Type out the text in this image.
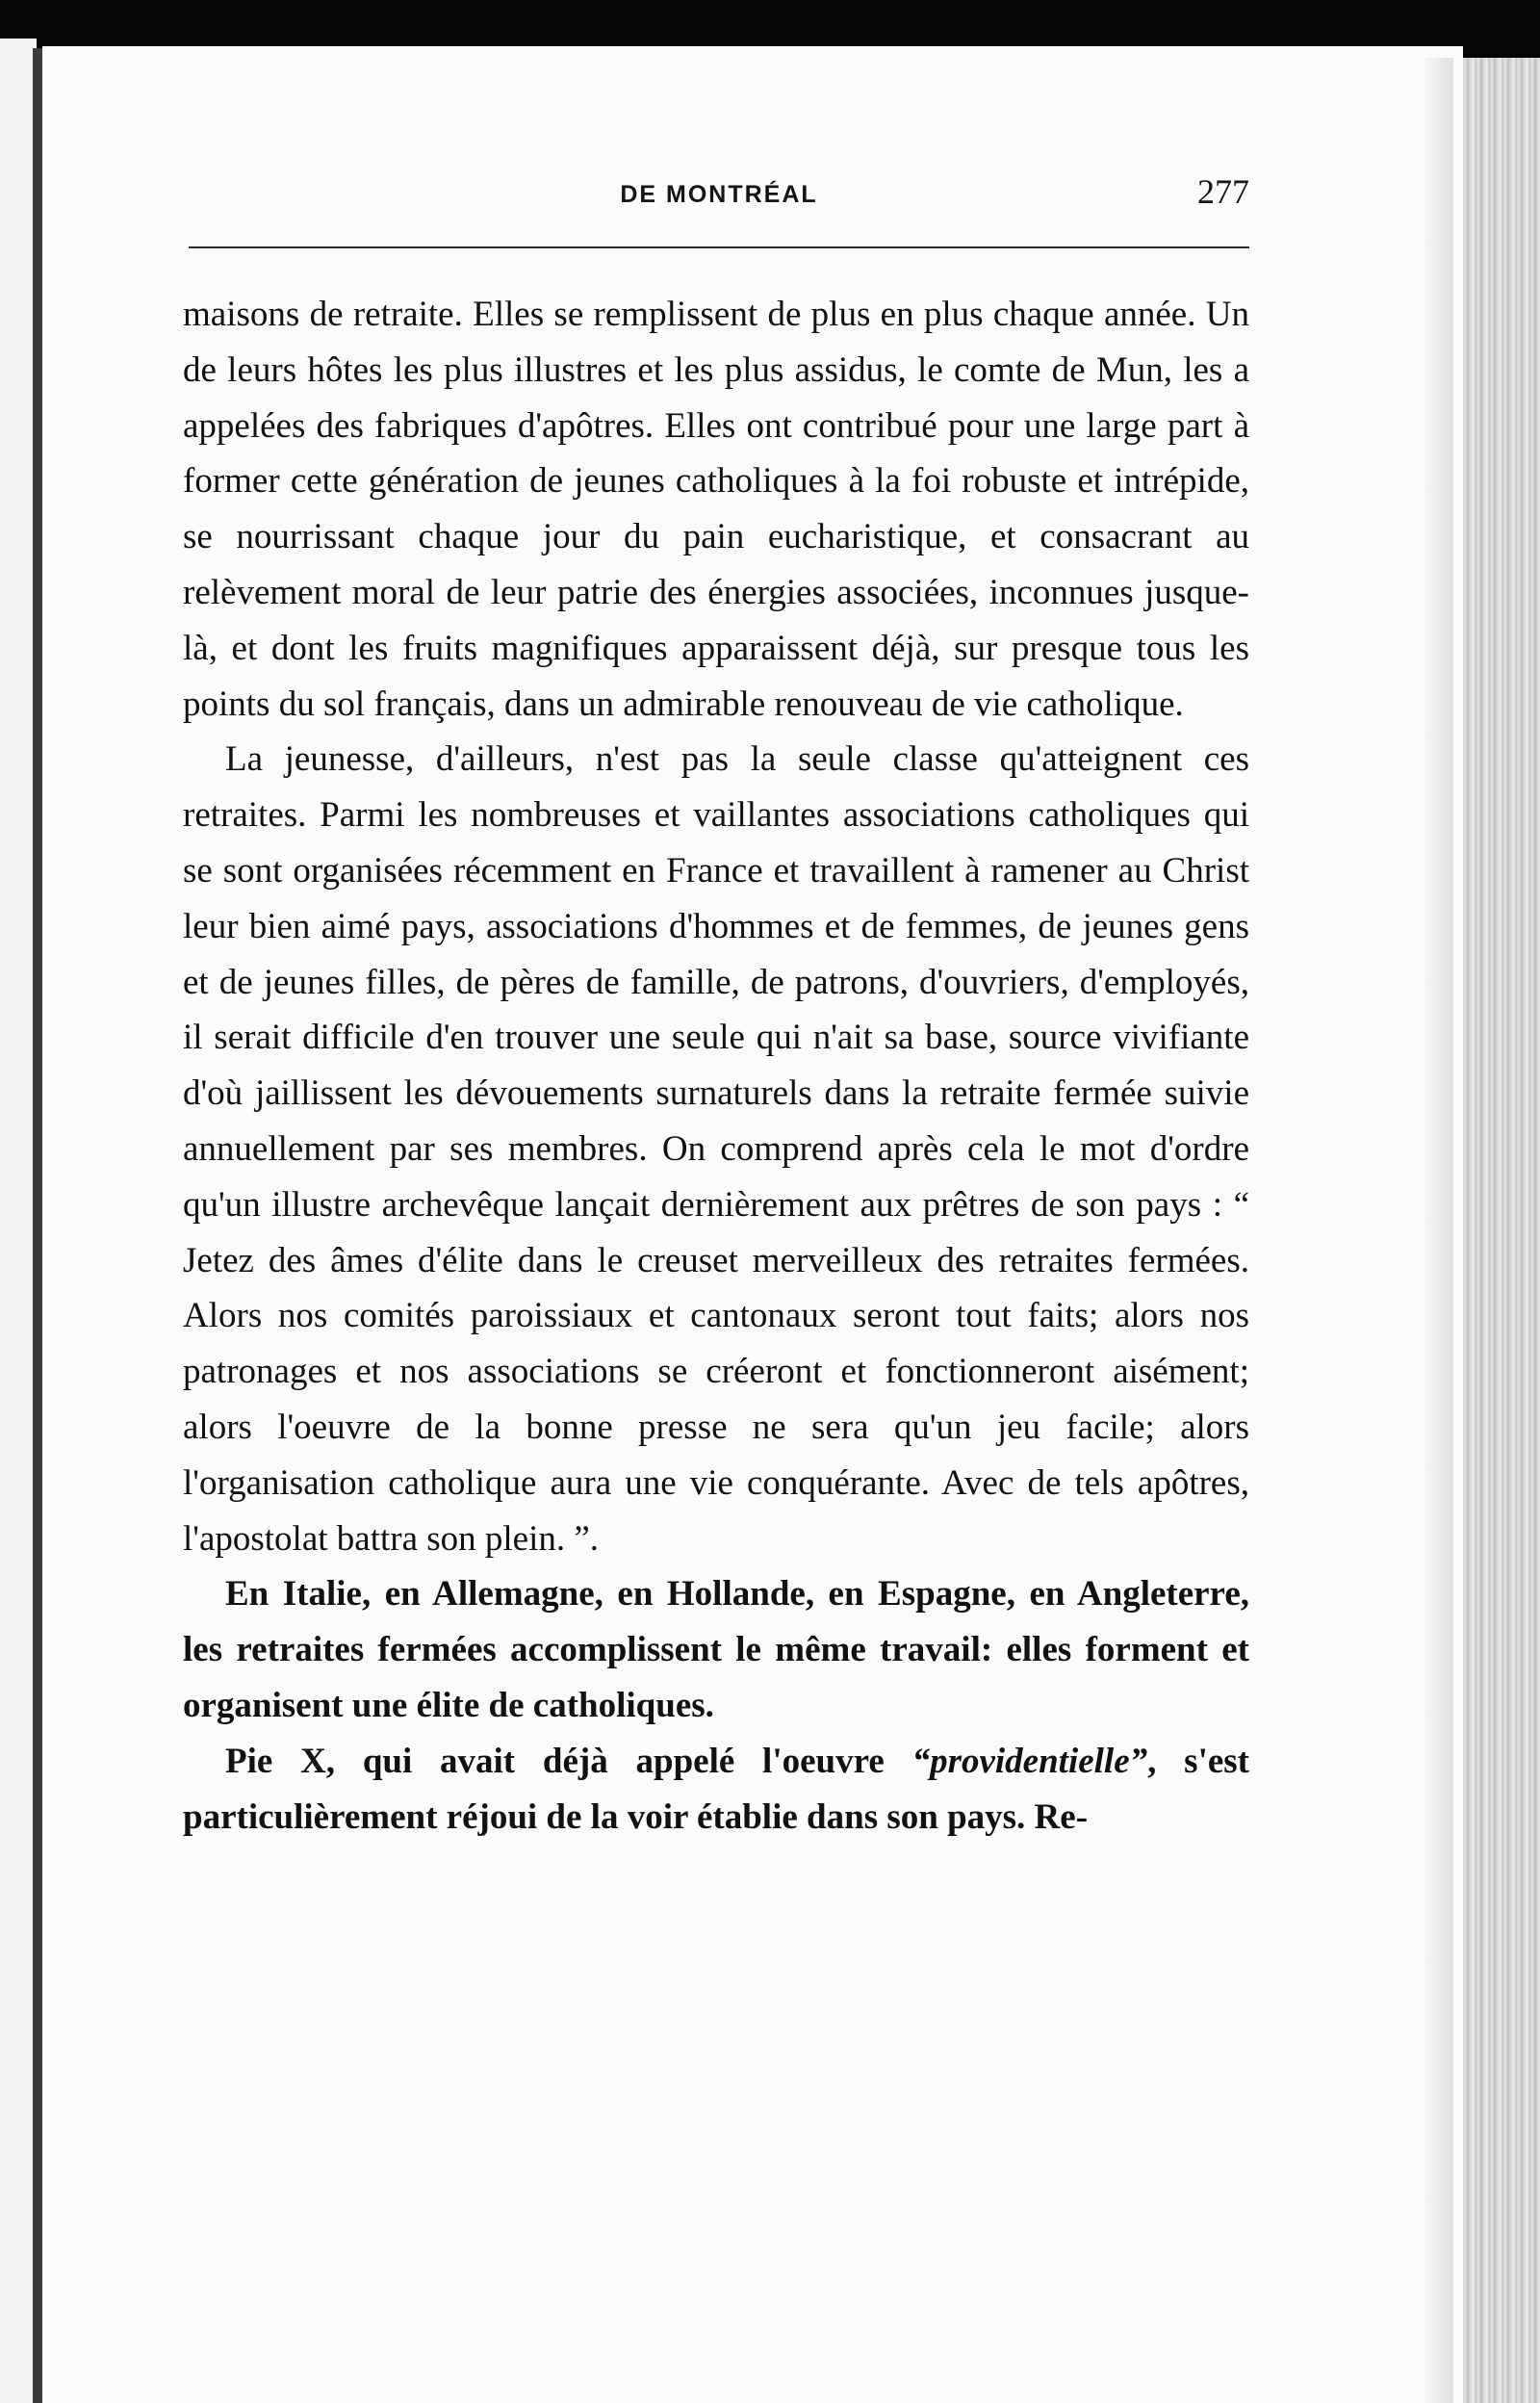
DE MONTRÉAL	277

maisons de retraite. Elles se remplissent de plus en plus chaque année. Un de leurs hôtes les plus illustres et les plus assidus, le comte de Mun, les a appelées des fabriques d'apôtres. Elles ont contribué pour une large part à former cette génération de jeunes catholiques à la foi robuste et intrépide, se nourrissant chaque jour du pain eucharistique, et consacrant au relèvement moral de leur patrie des énergies associées, inconnues jusque-là, et dont les fruits magnifiques apparaissent déjà, sur presque tous les points du sol français, dans un admirable renouveau de vie catholique.

La jeunesse, d'ailleurs, n'est pas la seule classe qu'atteignent ces retraites. Parmi les nombreuses et vaillantes associations catholiques qui se sont organisées récemment en France et travaillent à ramener au Christ leur bien aimé pays, associations d'hommes et de femmes, de jeunes gens et de jeunes filles, de pères de famille, de patrons, d'ouvriers, d'employés, il serait difficile d'en trouver une seule qui n'ait sa base, source vivifiante d'où jaillissent les dévouements surnaturels dans la retraite fermée suivie annuellement par ses membres. On comprend après cela le mot d'ordre qu'un illustre archevêque lançait dernièrement aux prêtres de son pays : “ Jetez des âmes d'élite dans le creuset merveilleux des retraites fermées. Alors nos comités paroissiaux et cantonaux seront tout faits; alors nos patronages et nos associations se créeront et fonctionneront aisément; alors l'oeuvre de la bonne presse ne sera qu'un jeu facile; alors l'organisation catholique aura une vie conquérante. Avec de tels apôtres, l'apostolat battra son plein. ”.

En Italie, en Allemagne, en Hollande, en Espagne, en Angleterre, les retraites fermées accomplissent le même travail: elles forment et organisent une élite de catholiques.

Pie X, qui avait déjà appelé l'oeuvre “providentielle”, s'est particulièrement réjoui de la voir établie dans son pays. Re-
